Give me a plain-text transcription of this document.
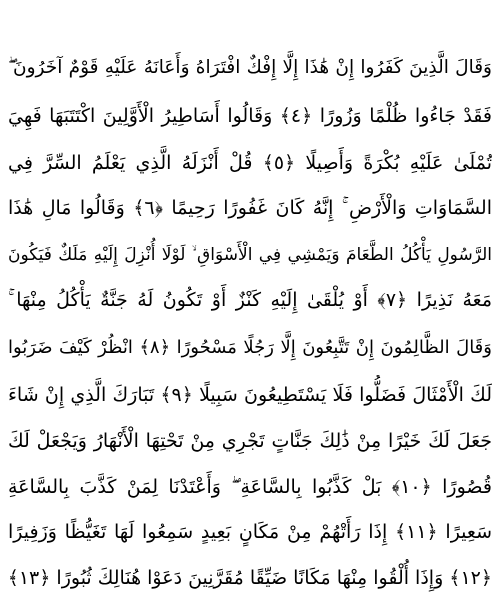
وَقَالَ الَّذِينَ كَفَرُوا إِنْ هَٰذَا إِلَّا إِفْكٌ افْتَرَاهُ وَأَعَانَهُ عَلَيْهِ قَوْمٌ آخَرُونَ ۖ
فَقَدْ جَاءُوا ظُلْمًا وَزُورًا ﴿٤﴾ وَقَالُوا أَسَاطِيرُ الْأَوَّلِينَ اكْتَتَبَهَا فَهِيَ
تُمْلَىٰ عَلَيْهِ بُكْرَةً وَأَصِيلًا ﴿٥﴾ قُلْ أَنْزَلَهُ الَّذِي يَعْلَمُ السِّرَّ فِي
السَّمَاوَاتِ وَالْأَرْضِ ۚ إِنَّهُ كَانَ غَفُورًا رَحِيمًا ﴿٦﴾ وَقَالُوا مَالِ هَٰذَا
الرَّسُولِ يَأْكُلُ الطَّعَامَ وَيَمْشِي فِي الْأَسْوَاقِ ۙ لَوْلَا أُنْزِلَ إِلَيْهِ مَلَكٌ فَيَكُونَ
مَعَهُ نَذِيرًا ﴿٧﴾ أَوْ يُلْقَىٰ إِلَيْهِ كَنْزٌ أَوْ تَكُونُ لَهُ جَنَّةٌ يَأْكُلُ مِنْهَا ۚ
وَقَالَ الظَّالِمُونَ إِنْ تَتَّبِعُونَ إِلَّا رَجُلًا مَسْحُورًا ﴿٨﴾ انْظُرْ كَيْفَ ضَرَبُوا
لَكَ الْأَمْثَالَ فَضَلُّوا فَلَا يَسْتَطِيعُونَ سَبِيلًا ﴿٩﴾ تَبَارَكَ الَّذِي إِنْ شَاءَ
جَعَلَ لَكَ خَيْرًا مِنْ ذَٰلِكَ جَنَّاتٍ تَجْرِي مِنْ تَحْتِهَا الْأَنْهَارُ وَيَجْعَلْ لَكَ
قُصُورًا ﴿١٠﴾ بَلْ كَذَّبُوا بِالسَّاعَةِ ۖ وَأَعْتَدْنَا لِمَنْ كَذَّبَ بِالسَّاعَةِ
سَعِيرًا ﴿١١﴾ إِذَا رَأَتْهُمْ مِنْ مَكَانٍ بَعِيدٍ سَمِعُوا لَهَا تَغَيُّظًا وَزَفِيرًا
﴿١٢﴾ وَإِذَا أُلْقُوا مِنْهَا مَكَانًا ضَيِّقًا مُقَرَّنِينَ دَعَوْا هُنَالِكَ ثُبُورًا ﴿١٣﴾
